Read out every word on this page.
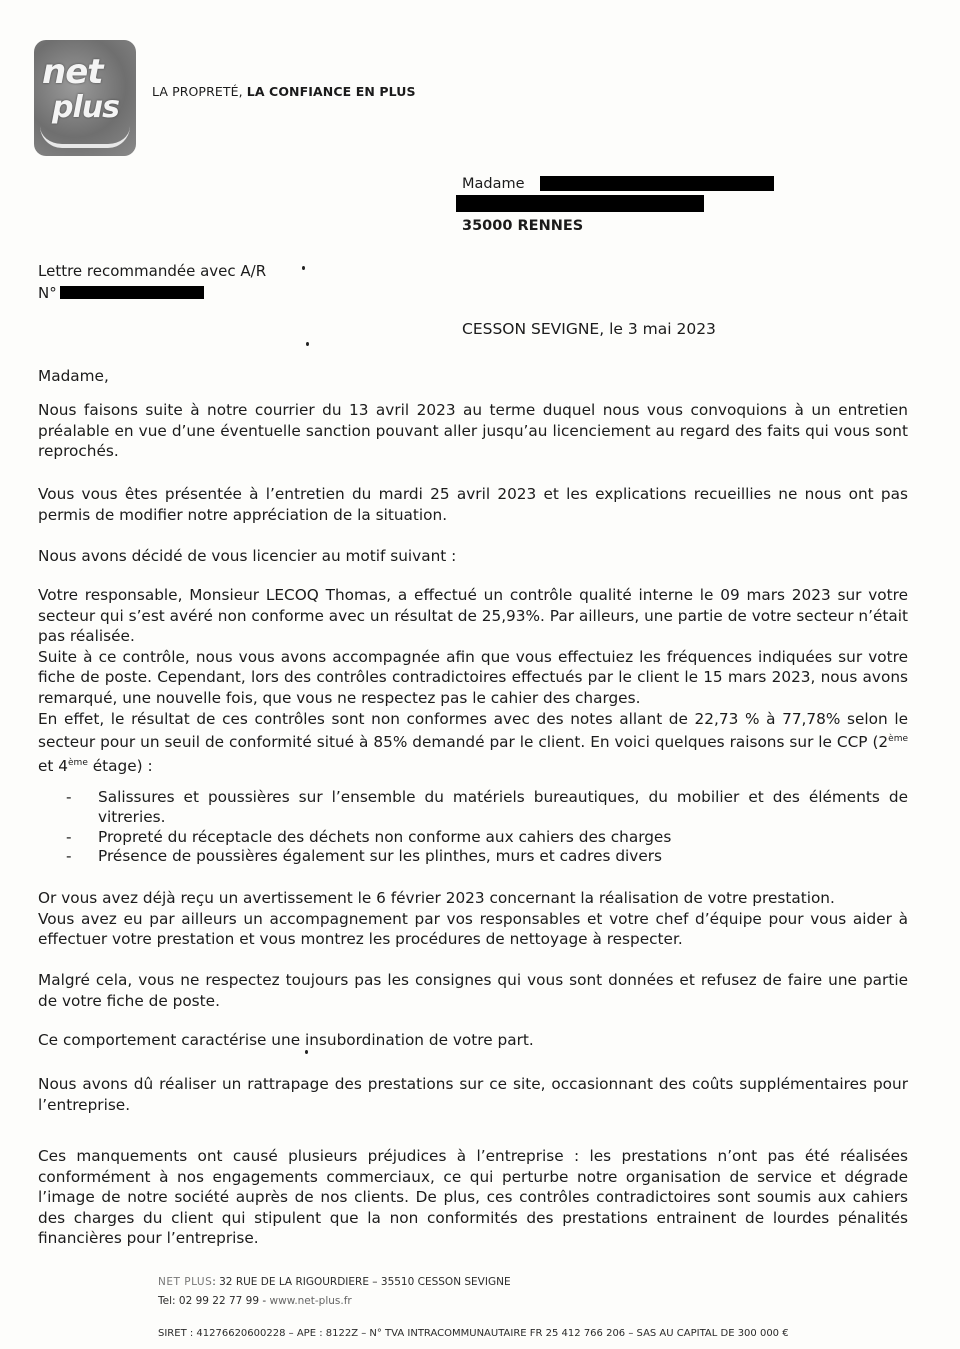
net
plus	LA PROPRETÉ, LA CONFIANCE EN PLUS
Madame
35000 RENNES
Lettre recommandée avec A/R
N°
CESSON SEVIGNE, le 3 mai 2023
Madame,
Nous faisons suite à notre courrier du 13 avril 2023 au terme duquel nous vous convoquions à un entretien préalable en vue d’une éventuelle sanction pouvant aller jusqu’au licenciement au regard des faits qui vous sont reprochés.
Vous vous êtes présentée à l’entretien du mardi 25 avril 2023 et les explications recueillies ne nous ont pas permis de modifier notre appréciation de la situation.
Nous avons décidé de vous licencier au motif suivant :

Votre responsable, Monsieur LECOQ Thomas, a effectué un contrôle qualité interne le 09 mars 2023 sur votre secteur qui s’est avéré non conforme avec un résultat de 25,93%. Par ailleurs, une partie de votre secteur n’était pas réalisée.

Suite à ce contrôle, nous vous avons accompagnée afin que vous effectuiez les fréquences indiquées sur votre fiche de poste. Cependant, lors des contrôles contradictoires effectués par le client le 15 mars 2023, nous avons remarqué, une nouvelle fois, que vous ne respectez pas le cahier des charges.

En effet, le résultat de ces contrôles sont non conformes avec des notes allant de 22,73 % à 77,78% selon le secteur pour un seuil de conformité situé à 85% demandé par le client. En voici quelques raisons sur le CCP (2ème et 4ème étage) :

-	Salissures et poussières sur l’ensemble du matériels bureautiques, du mobilier et des éléments de vitreries.
-	Propreté du réceptacle des déchets non conforme aux cahiers des charges
-	Présence de poussières également sur les plinthes, murs et cadres divers

Or vous avez déjà reçu un avertissement le 6 février 2023 concernant la réalisation de votre prestation.

Vous avez eu par ailleurs un accompagnement par vos responsables et votre chef d’équipe pour vous aider à effectuer votre prestation et vous montrez les procédures de nettoyage à respecter.

Malgré cela, vous ne respectez toujours pas les consignes qui vous sont données et refusez de faire une partie de votre fiche de poste.
Ce comportement caractérise une insubordination de votre part.
Nous avons dû réaliser un rattrapage des prestations sur ce site, occasionnant des coûts supplémentaires pour l’entreprise.
Ces manquements ont causé plusieurs préjudices à l’entreprise : les prestations n’ont pas été réalisées conformément à nos engagements commerciaux, ce qui perturbe notre organisation de service et dégrade l’image de notre société auprès de nos clients. De plus, ces contrôles contradictoires sont soumis aux cahiers des charges du client qui stipulent que la non conformités des prestations entrainent de lourdes pénalités financières pour l’entreprise.
NET PLUS: 32 RUE DE LA RIGOURDIERE – 35510 CESSON SEVIGNE
Tel: 02 99 22 77 99 - www.net-plus.fr
SIRET : 41276620600228 – APE : 8122Z – N° TVA INTRACOMMUNAUTAIRE FR 25 412 766 206 – SAS AU CAPITAL DE 300 000 €
